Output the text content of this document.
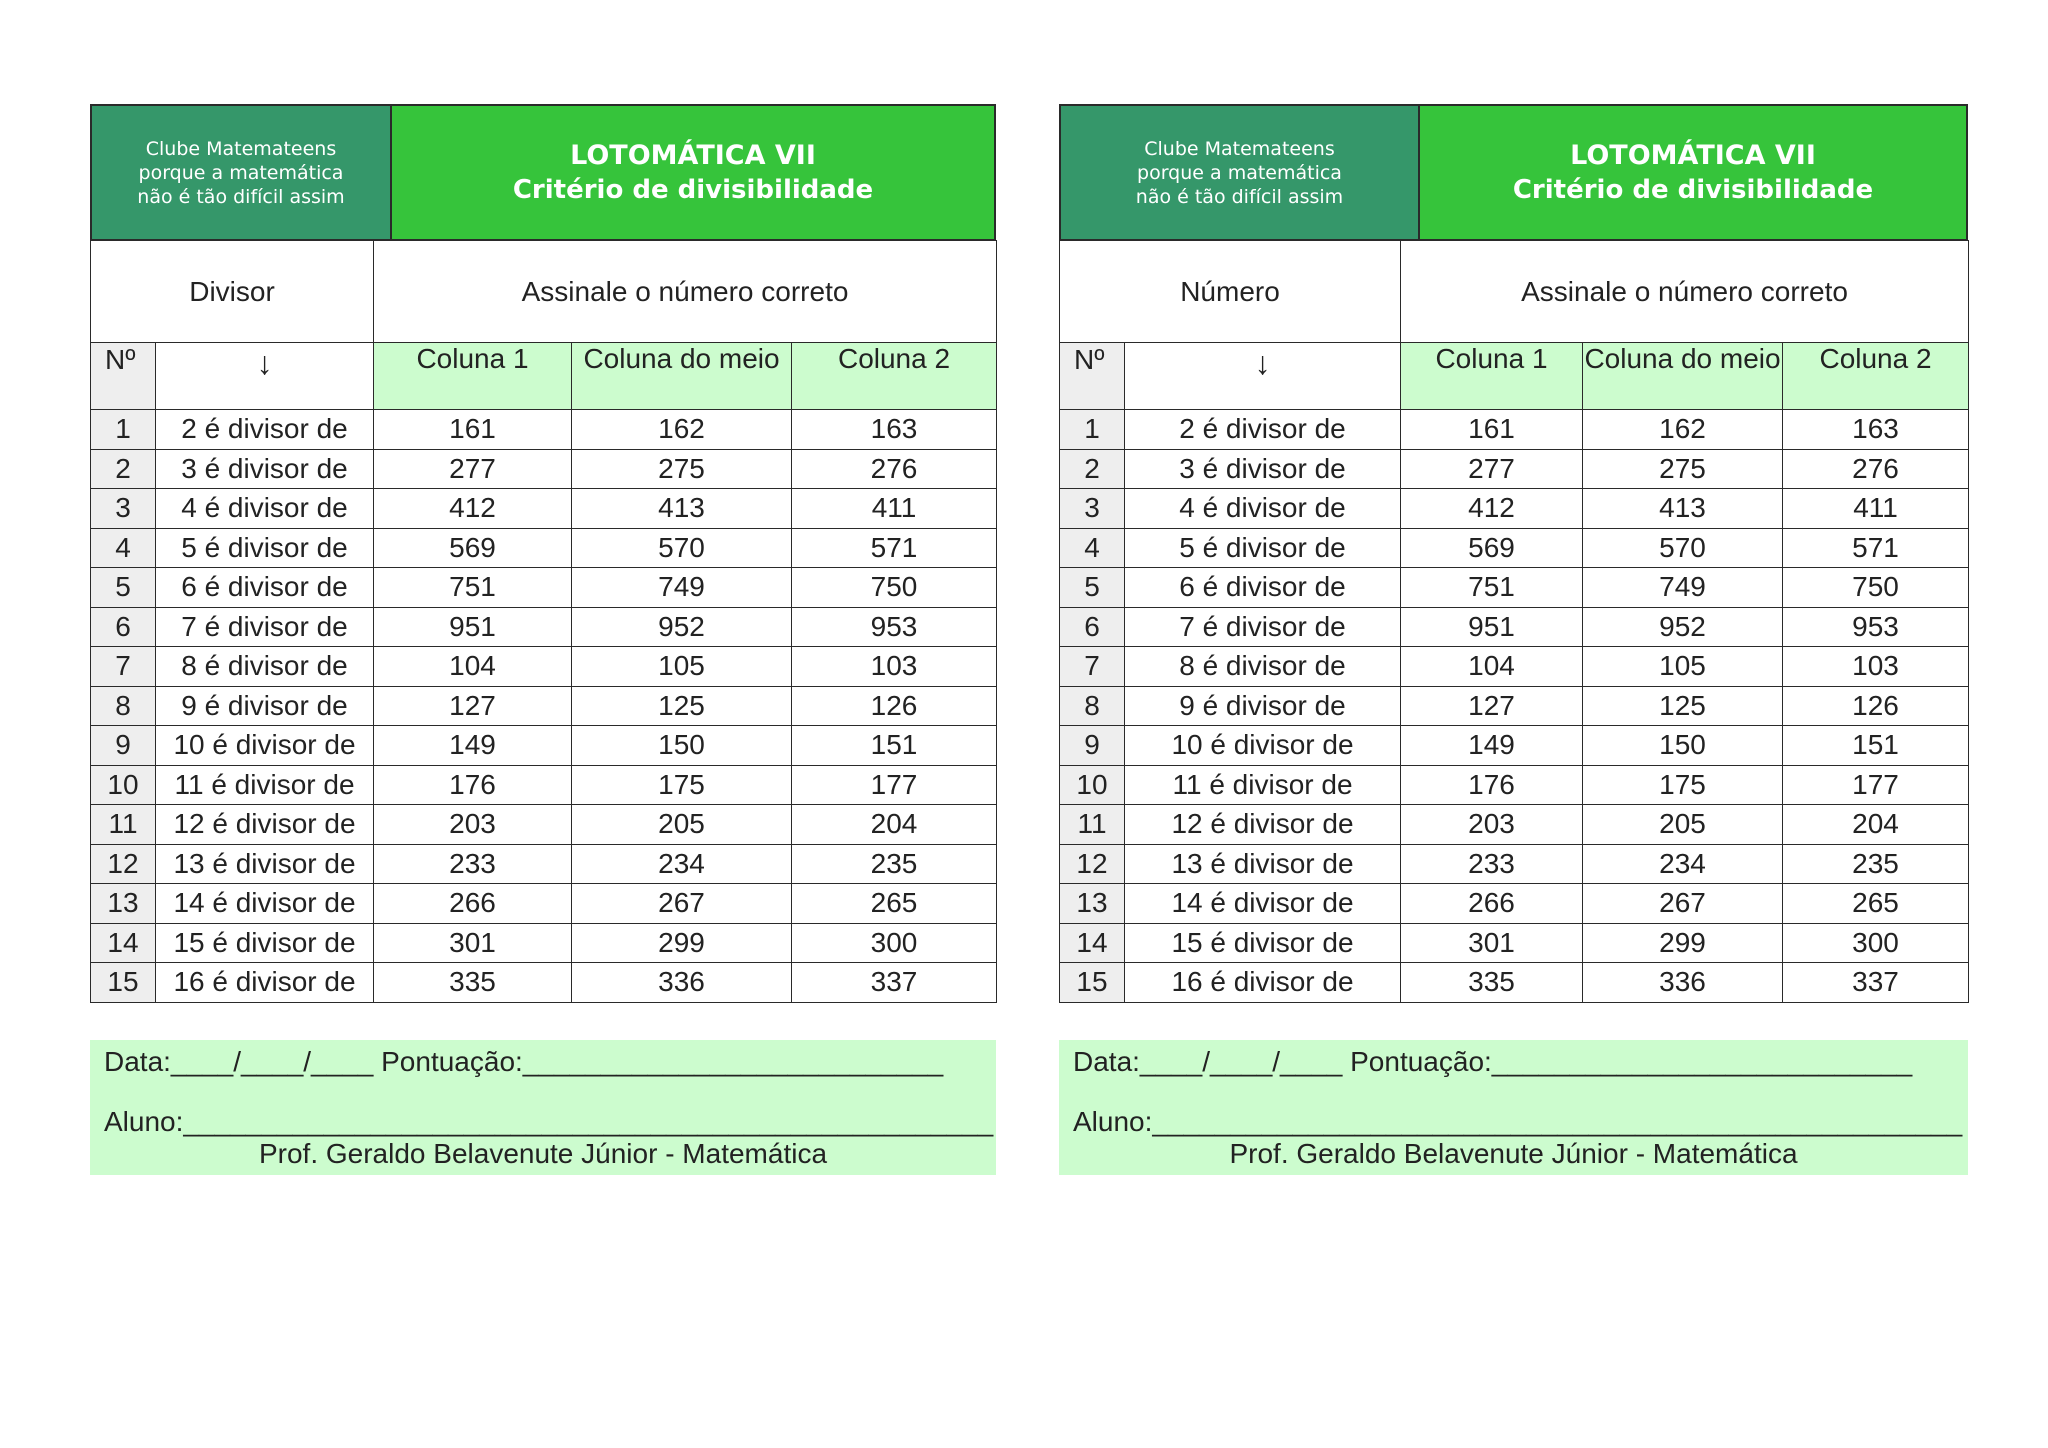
Clube Matemateens
porque a matemática
não é tão difícil assim
LOTOMÁTICA VII
Critério de divisibilidade
Divisor		Assinale o número correto		
Nº	↓	Coluna 1	Coluna do meio	Coluna 2
1	2 é divisor de	161	162	163
2	3 é divisor de	277	275	276
3	4 é divisor de	412	413	411
4	5 é divisor de	569	570	571
5	6 é divisor de	751	749	750
6	7 é divisor de	951	952	953
7	8 é divisor de	104	105	103
8	9 é divisor de	127	125	126
9	10 é divisor de	149	150	151
10	11 é divisor de	176	175	177
11	12 é divisor de	203	205	204
12	13 é divisor de	233	234	235
13	14 é divisor de	266	267	265
14	15 é divisor de	301	299	300
15	16 é divisor de	335	336	337
Data:____/____/____ Pontuação:___________________________
Aluno:____________________________________________________
Prof. Geraldo Belavenute Júnior - Matemática
Clube Matemateens
porque a matemática
não é tão difícil assim
LOTOMÁTICA VII
Critério de divisibilidade
Número		Assinale o número correto		
Nº	↓	Coluna 1	Coluna do meio	Coluna 2
1	2 é divisor de	161	162	163
2	3 é divisor de	277	275	276
3	4 é divisor de	412	413	411
4	5 é divisor de	569	570	571
5	6 é divisor de	751	749	750
6	7 é divisor de	951	952	953
7	8 é divisor de	104	105	103
8	9 é divisor de	127	125	126
9	10 é divisor de	149	150	151
10	11 é divisor de	176	175	177
11	12 é divisor de	203	205	204
12	13 é divisor de	233	234	235
13	14 é divisor de	266	267	265
14	15 é divisor de	301	299	300
15	16 é divisor de	335	336	337
Data:____/____/____ Pontuação:___________________________
Aluno:____________________________________________________
Prof. Geraldo Belavenute Júnior - Matemática
